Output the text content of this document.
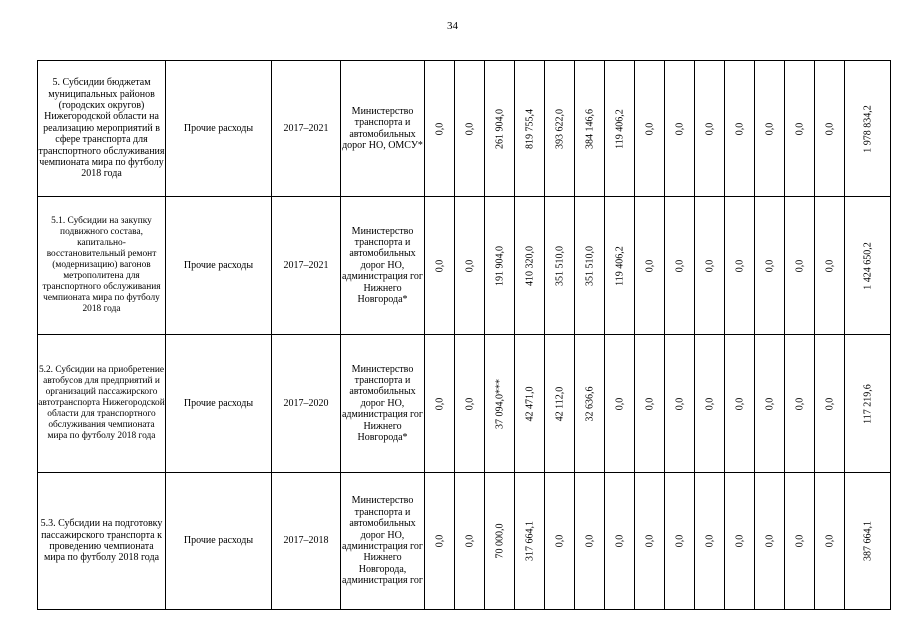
34
5. Субсидии бюджетам муниципальных районов (городских округов) Нижегородской области на реализацию мероприятий в сфере транспорта для транспортного обслуживания чемпионата мира по футболу 2018 года	Прочие расходы	2017–2021	Министерство транспорта и автомобильных дорог НО, ОМСУ*	0,0	0,0	261 904,0	819 755,4	393 622,0	384 146,6	119 406,2	0,0	0,0	0,0	0,0	0,0	0,0	0,0	1 978 834,2

5.1. Субсидии на закупку подвижного состава, капитально-восстановительный ремонт (модернизацию) вагонов метрополитена для транспортного обслуживания чемпионата мира по футболу 2018 года	Прочие расходы	2017–2021	Министерство транспорта и автомобильных дорог НО, администрация гог Нижнего Новгорода*	0,0	0,0	191 904,0	410 320,0	351 510,0	351 510,0	119 406,2	0,0	0,0	0,0	0,0	0,0	0,0	0,0	1 424 650,2

5.2. Субсидии на приобретение автобусов для предприятий и организаций пассажирского автотранспорта Нижегородской области для транспортного обслуживания чемпионата мира по футболу 2018 года	Прочие расходы	2017–2020	Министерство транспорта и автомобильных дорог НО, администрация гог Нижнего Новгорода*	0,0	0,0	37 094,0***	42 471,0	42 112,0	32 636,6	0,0	0,0	0,0	0,0	0,0	0,0	0,0	0,0	117 219,6

5.3. Субсидии на подготовку пассажирского транспорта к проведению чемпионата мира по футболу 2018 года	Прочие расходы	2017–2018	Министерство транспорта и автомобильных дорог НО, администрация гог Нижнего Новгорода, администрация гог	0,0	0,0	70 000,0	317 664,1	0,0	0,0	0,0	0,0	0,0	0,0	0,0	0,0	0,0	0,0	387 664,1
